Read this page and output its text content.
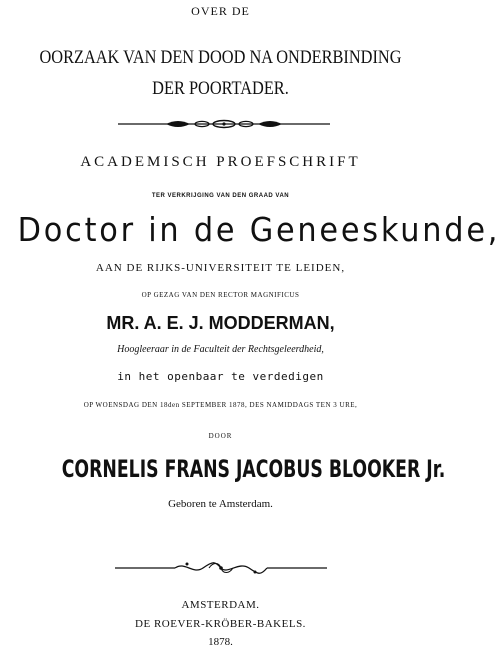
OVER DE
OORZAAK VAN DEN DOOD NA ONDERBINDING
DER POORTADER.
ACADEMISCH PROEFSCHRIFT
TER VERKRIJGING VAN DEN GRAAD VAN
Doctor in de Geneeskunde,
AAN DE RIJKS-UNIVERSITEIT TE LEIDEN,
OP GEZAG VAN DEN RECTOR MAGNIFICUS
MR. A. E. J. MODDERMAN,
Hoogleeraar in de Faculteit der Rechtsgeleerdheid,
in het openbaar te verdedigen
OP WOENSDAG DEN 18den SEPTEMBER 1878, DES NAMIDDAGS TEN 3 URE,
DOOR
CORNELIS FRANS JACOBUS BLOOKER Jr.
Geboren te Amsterdam.
AMSTERDAM.
DE ROEVER-KRÖBER-BAKELS.
1878.
